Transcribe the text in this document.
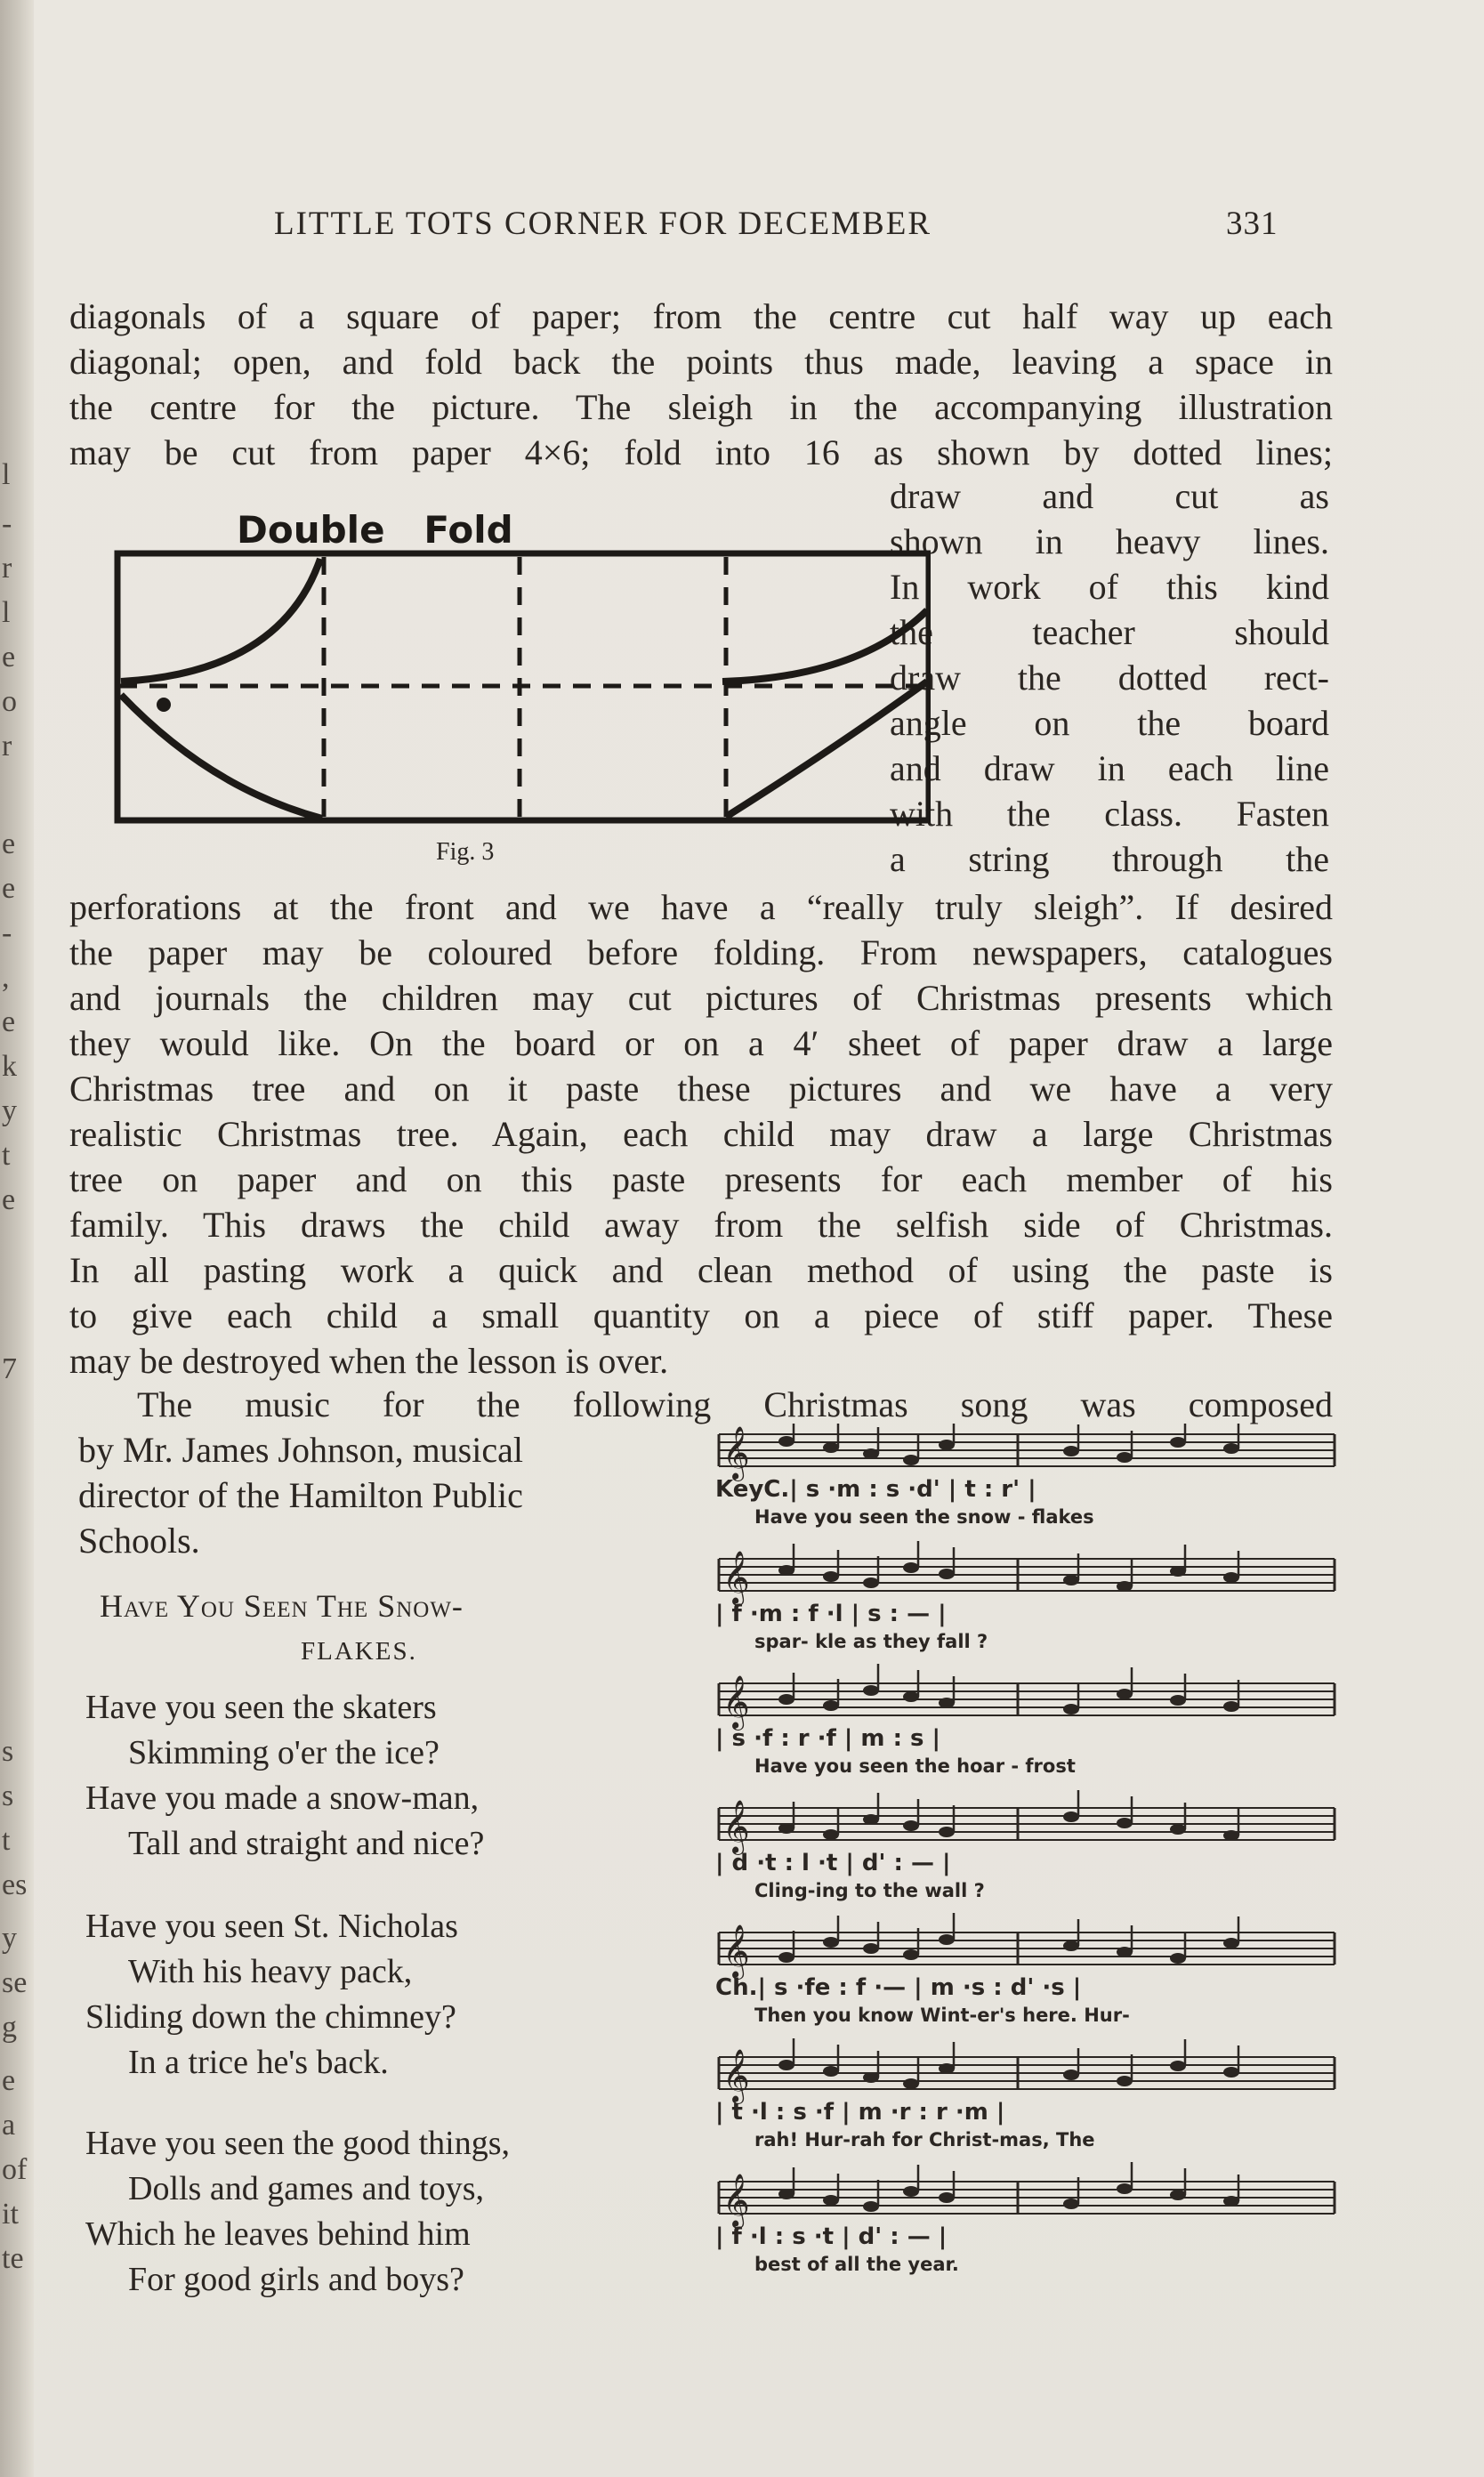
l
-
r
l
e
o
r
e
e
-
,
e
k
y
t
e
7
s
s
t
es
y
se
g
e
a
of
it
te
LITTLE TOTS CORNER FOR DECEMBER	331
diagonals of a square of paper; from the centre cut half way up each
diagonal; open, and fold back the points thus made, leaving a space in
the centre for the picture. The sleigh in the accompanying illustration
may be cut from paper 4×6; fold into 16 as shown by dotted lines;
draw and cut as
shown in heavy lines.
In work of this kind
the teacher should
draw the dotted rect-
angle on the board
and draw in each line
with the class. Fasten
a string through the
Double   Fold
Fig. 3
perforations at the front and we have a “really truly sleigh”. If desired
the paper may be coloured before folding. From newspapers, catalogues
and journals the children may cut pictures of Christmas presents which
they would like. On the board or on a 4′ sheet of paper draw a large
Christmas tree and on it paste these pictures and we have a very
realistic Christmas tree. Again, each child may draw a large Christmas
tree on paper and on this paste presents for each member of his
family. This draws the child away from the selfish side of Christmas.
In all pasting work a quick and clean method of using the paste is
to give each child a small quantity on a piece of stiff paper. These
may be destroyed when the lesson is over.
The music for the following Christmas song was composed
by Mr. James Johnson, musical
director of the Hamilton Public
Schools.
Have You Seen The Snow-
FLAKES.
Have you seen the skaters
Skimming o'er the ice?
Have you made a snow-man,
Tall and straight and nice?
Have you seen St. Nicholas
With his heavy pack,
Sliding down the chimney?
In a trice he's back.
Have you seen the good things,
Dolls and games and toys,
Which he leaves behind him
For good girls and boys?
𝄞
KeyC.| s ·m : s ·d' | t : r' |
Have you seen the snow - flakes
𝄞
| f ·m : f ·l | s : — |
spar- kle as they fall ?
𝄞
| s ·f : r ·f | m : s |
Have you seen the hoar - frost
𝄞
| d ·t : l ·t | d' : — |
Cling-ing to the wall ?
𝄞
Ch.| s ·fe : f ·— | m ·s : d' ·s |
Then you know Wint-er's here. Hur-
𝄞
| t ·l : s ·f | m ·r : r ·m |
rah! Hur-rah for Christ-mas, The
𝄞
| f ·l : s ·t | d' : — |
best of all the year.
